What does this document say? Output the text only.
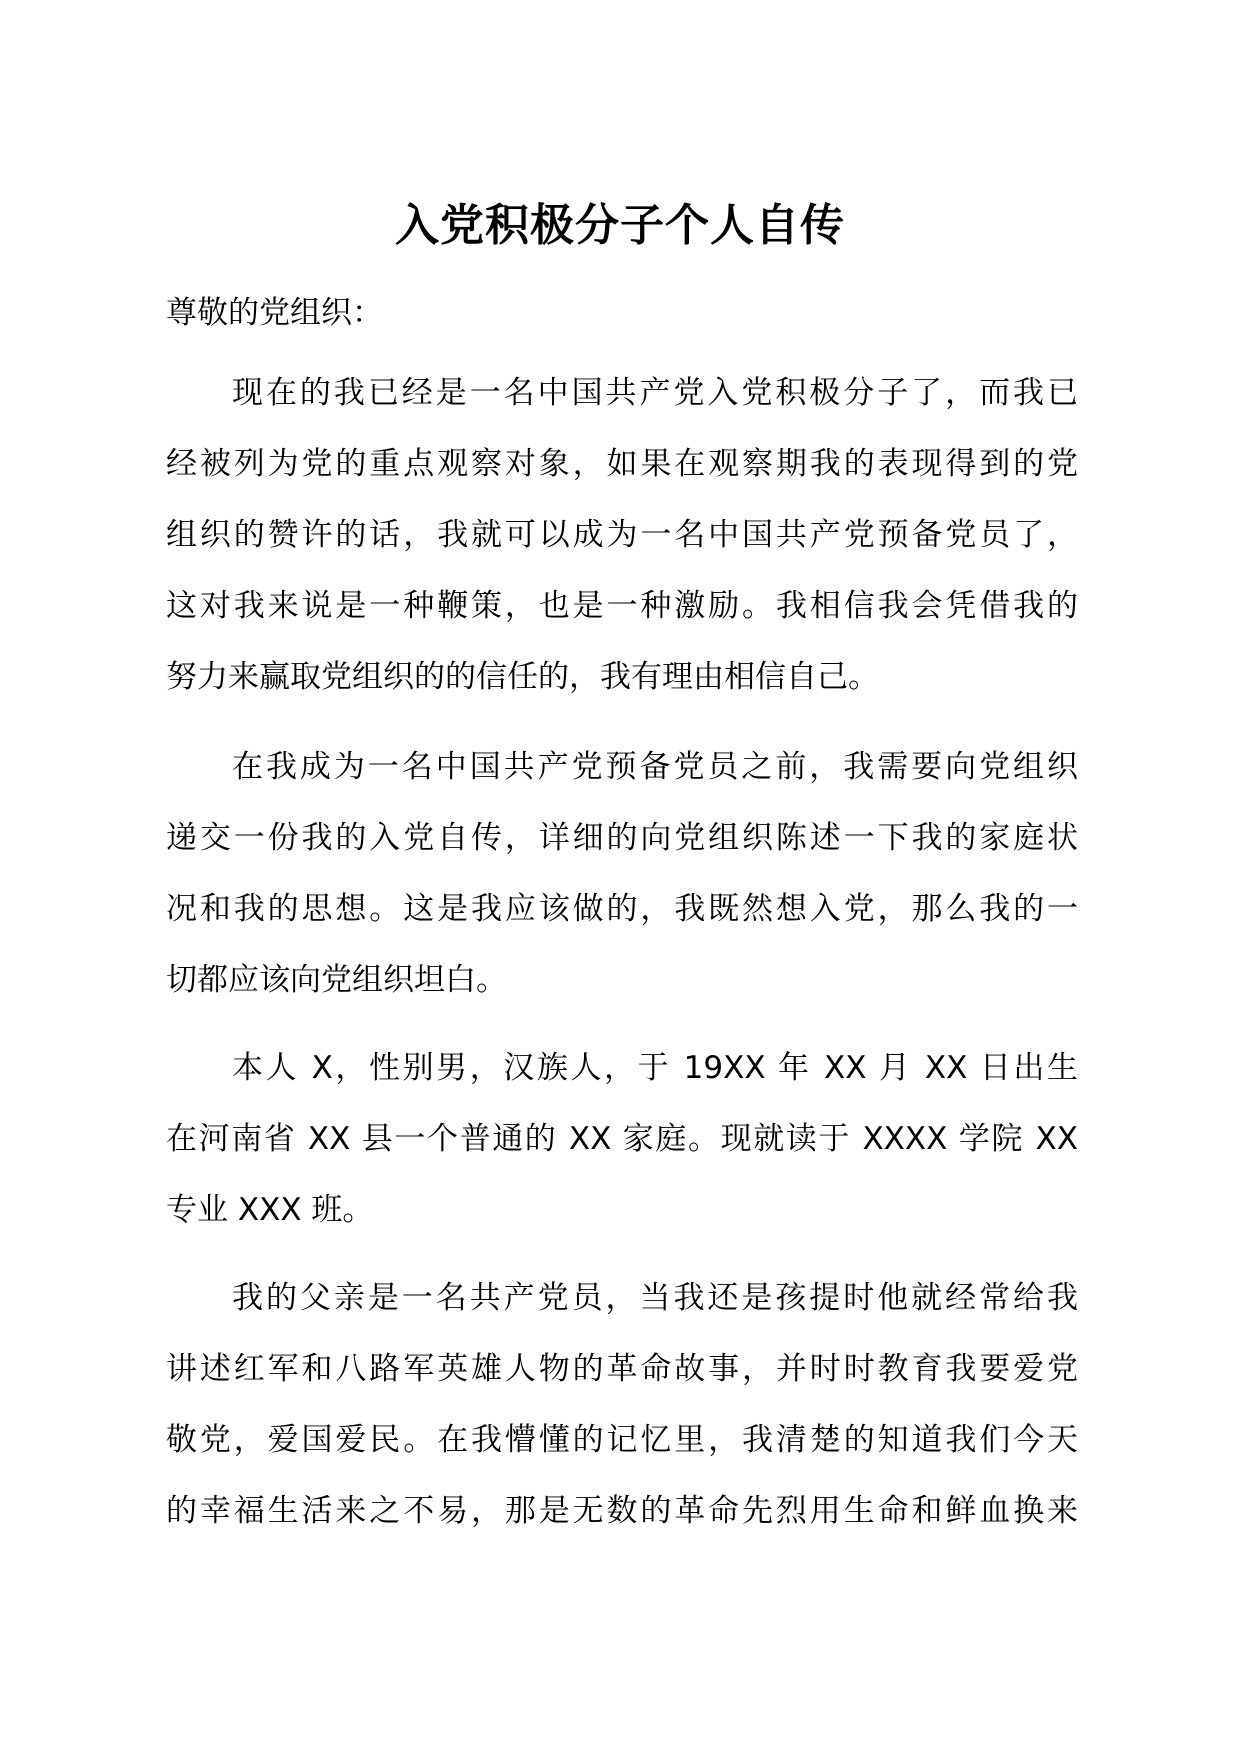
入党积极分子个人自传
尊敬的党组织：
现在的我已经是一名中国共产党入党积极分子了，而我已
经被列为党的重点观察对象，如果在观察期我的表现得到的党
组织的赞许的话，我就可以成为一名中国共产党预备党员了，
这对我来说是一种鞭策，也是一种激励。我相信我会凭借我的
努力来赢取党组织的的信任的，我有理由相信自己。
在我成为一名中国共产党预备党员之前，我需要向党组织
递交一份我的入党自传，详细的向党组织陈述一下我的家庭状
况和我的思想。这是我应该做的，我既然想入党，那么我的一
切都应该向党组织坦白。
本人 X，性别男，汉族人，于 19XX 年 XX 月 XX 日出生
在河南省 XX 县一个普通的 XX 家庭。现就读于 XXXX 学院 XX
专业 XXX 班。
我的父亲是一名共产党员，当我还是孩提时他就经常给我
讲述红军和八路军英雄人物的革命故事，并时时教育我要爱党
敬党，爱国爱民。在我懵懂的记忆里，我清楚的知道我们今天
的幸福生活来之不易，那是无数的革命先烈用生命和鲜血换来
